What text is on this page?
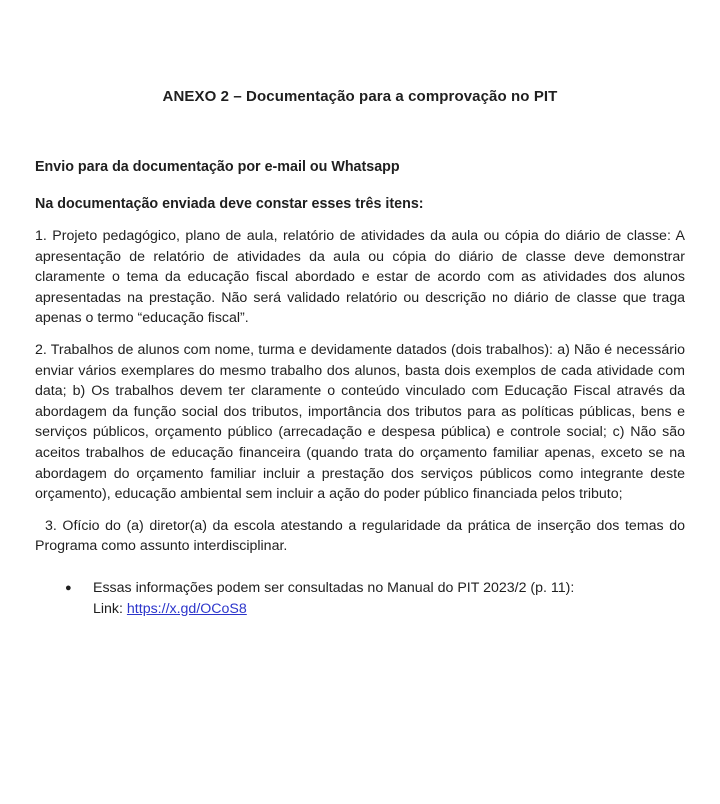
ANEXO 2 – Documentação para a comprovação no PIT
Envio para da documentação por e-mail ou Whatsapp
Na documentação enviada deve constar esses três itens:

1. Projeto pedagógico, plano de aula, relatório de atividades da aula ou cópia do diário de classe: A apresentação de relatório de atividades da aula ou cópia do diário de classe deve demonstrar claramente o tema da educação fiscal abordado e estar de acordo com as atividades dos alunos apresentadas na prestação. Não será validado relatório ou descrição no diário de classe que traga apenas o termo “educação fiscal”.

2. Trabalhos de alunos com nome, turma e devidamente datados (dois trabalhos): a) Não é necessário enviar vários exemplares do mesmo trabalho dos alunos, basta dois exemplos de cada atividade com data; b) Os trabalhos devem ter claramente o conteúdo vinculado com Educação Fiscal através da abordagem da função social dos tributos, importância dos tributos para as políticas públicas, bens e serviços públicos, orçamento público (arrecadação e despesa pública) e controle social; c) Não são aceitos trabalhos de educação financeira (quando trata do orçamento familiar apenas, exceto se na abordagem do orçamento familiar incluir a prestação dos serviços públicos como integrante deste orçamento), educação ambiental sem incluir a ação do poder público financiada pelos tributo;

3. Ofício do (a) diretor(a) da escola atestando a regularidade da prática de inserção dos temas do Programa como assunto interdisciplinar.

●	Essas informações podem ser consultadas no Manual do PIT 2023/2 (p. 11):
Link: https://x.gd/OCoS8
